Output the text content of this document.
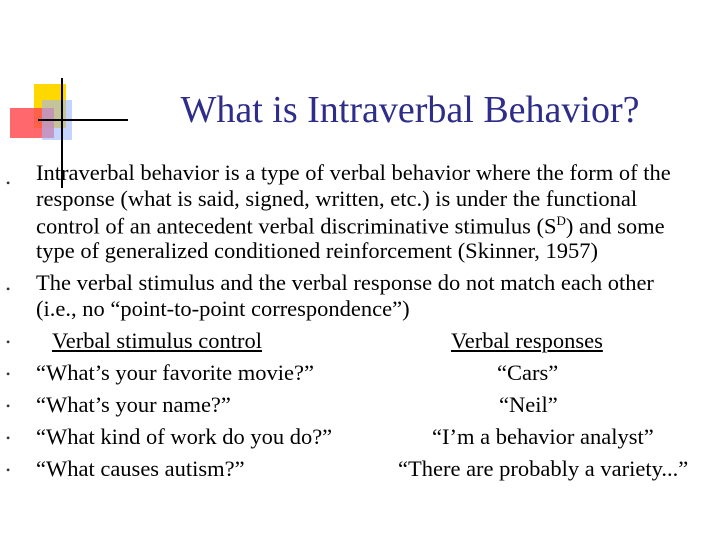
What is Intraverbal Behavior?
•
•
•
•
•
•
•
Intraverbal behavior is a type of verbal behavior where the form of the
response (what is said, signed, written, etc.) is under the functional
control of an antecedent verbal discriminative stimulus $(S^D)$ and some
type of generalized conditioned reinforcement (Skinner, 1957)
The verbal stimulus and the verbal response do not match each other
(i.e., no “point-to-point correspondence”)
Verbal stimulus control	Verbal responses
“What’s your favorite movie?”	“Cars”
“What’s your name?”	“Neil”
“What kind of work do you do?”	“I’m a behavior analyst”
“What causes autism?”	“There are probably a variety...”
